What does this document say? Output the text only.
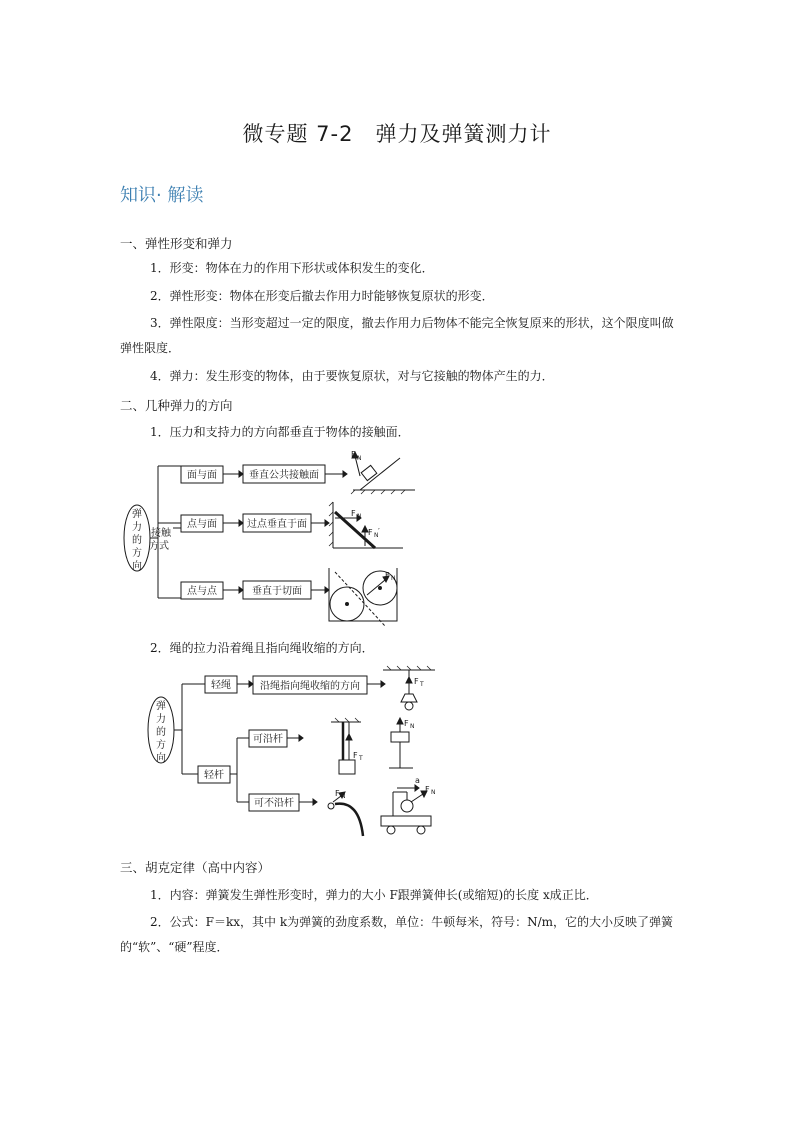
微专题 7-2　弹力及弹簧测力计
知识· 解读
一、弹性形变和弹力
1．形变：物体在力的作用下形状或体积发生的变化．
2．弹性形变：物体在形变后撤去作用力时能够恢复原状的形变．
3．弹性限度：当形变超过一定的限度，撤去作用力后物体不能完全恢复原来的形状，这个限度叫做弹性限度．
4．弹力：发生形变的物体，由于要恢复原状，对与它接触的物体产生的力．
二、几种弹力的方向
1．压力和支持力的方向都垂直于物体的接触面．
弹
力
的
方
向
接触
方式
面与面	垂直公共接触面
点与面	过点垂直于面
点与点	垂直于切面
F N
F N
F N ′
F N
2．绳的拉力沿着绳且指向绳收缩的方向．
弹
力
的
方
向
轻绳	沿绳指向绳收缩的方向
轻杆
可沿杆
可不沿杆
F T
F T
F N
F N
a
F N
三、胡克定律（高中内容）
1．内容：弹簧发生弹性形变时，弹力的大小 F跟弹簧伸长(或缩短)的长度 x成正比．
2．公式：F＝kx，其中 k为弹簧的劲度系数，单位：牛顿每米，符号：N/m，它的大小反映了弹簧的“软”、“硬”程度．
